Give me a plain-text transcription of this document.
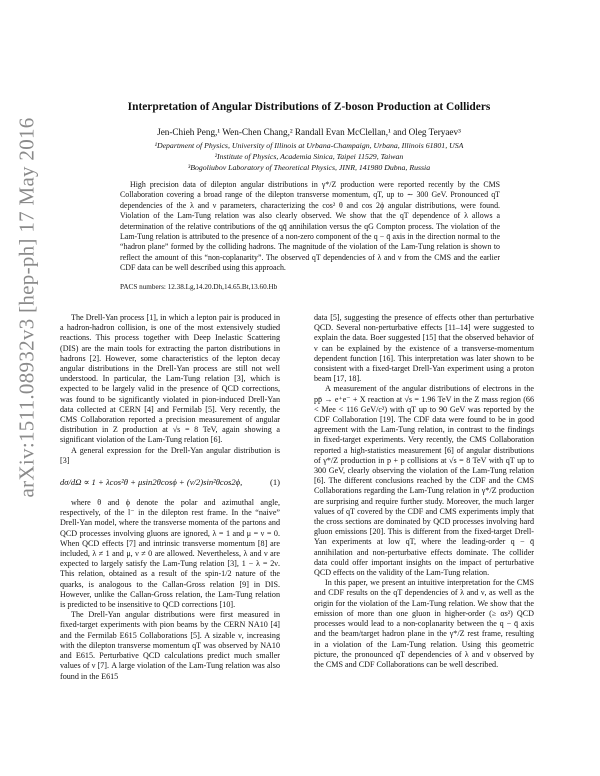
arXiv:1511.08932v3 [hep-ph] 17 May 2016
Interpretation of Angular Distributions of Z-boson Production at Colliders
Jen-Chieh Peng,¹ Wen-Chen Chang,² Randall Evan McClellan,¹ and Oleg Teryaev³
¹Department of Physics, University of Illinois at Urbana-Champaign, Urbana, Illinois 61801, USA
²Institute of Physics, Academia Sinica, Taipei 11529, Taiwan
³Bogoliubov Laboratory of Theoretical Physics, JINR, 141980 Dubna, Russia
High precision data of dilepton angular distributions in γ*/Z production were reported recently by the CMS Collaboration covering a broad range of the dilepton transverse momentum, qT, up to ∼ 300 GeV. Pronounced qT dependencies of the λ and ν parameters, characterizing the cos² θ and cos 2ϕ angular distributions, were found. Violation of the Lam-Tung relation was also clearly observed. We show that the qT dependence of λ allows a determination of the relative contributions of the qq̄ annihilation versus the qG Compton process. The violation of the Lam-Tung relation is attributed to the presence of a non-zero component of the q − q̄ axis in the direction normal to the “hadron plane” formed by the colliding hadrons. The magnitude of the violation of the Lam-Tung relation is shown to reflect the amount of this “non-coplanarity”. The observed qT dependencies of λ and ν from the CMS and the earlier CDF data can be well described using this approach.
PACS numbers: 12.38.Lg,14.20.Dh,14.65.Bt,13.60.Hb

The Drell-Yan process [1], in which a lepton pair is produced in a hadron-hadron collision, is one of the most extensively studied reactions. This process together with Deep Inelastic Scattering (DIS) are the main tools for extracting the parton distributions in hadrons [2]. However, some characteristics of the lepton decay angular distributions in the Drell-Yan process are still not well understood. In particular, the Lam-Tung relation [3], which is expected to be largely valid in the presence of QCD corrections, was found to be significantly violated in pion-induced Drell-Yan data collected at CERN [4] and Fermilab [5]. Very recently, the CMS Collaboration reported a precision measurement of angular distribution in Z production at √s = 8 TeV, again showing a significant violation of the Lam-Tung relation [6].

A general expression for the Drell-Yan angular distribution is [3]

dσ/dΩ ∝ 1 + λcos²θ + μsin2θcosϕ + (ν/2)sin²θcos2ϕ,	(1)

where θ and ϕ denote the polar and azimuthal angle, respectively, of the l⁻ in the dilepton rest frame. In the “naive” Drell-Yan model, where the transverse momenta of the partons and QCD processes involving gluons are ignored, λ = 1 and μ = ν = 0. When QCD effects [7] and intrinsic transverse momentum [8] are included, λ ≠ 1 and μ, ν ≠ 0 are allowed. Nevertheless, λ and ν are expected to largely satisfy the Lam-Tung relation [3], 1 − λ = 2ν. This relation, obtained as a result of the spin-1/2 nature of the quarks, is analogous to the Callan-Gross relation [9] in DIS. However, unlike the Callan-Gross relation, the Lam-Tung relation is predicted to be insensitive to QCD corrections [10].

The Drell-Yan angular distributions were first measured in fixed-target experiments with pion beams by the CERN NA10 [4] and the Fermilab E615 Collaborations [5]. A sizable ν, increasing with the dilepton transverse momentum qT was observed by NA10 and E615. Perturbative QCD calculations predict much smaller values of ν [7]. A large violation of the Lam-Tung relation was also found in the E615

data [5], suggesting the presence of effects other than perturbative QCD. Several non-perturbative effects [11–14] were suggested to explain the data. Boer suggested [15] that the observed behavior of ν can be explained by the existence of a transverse-momentum dependent function [16]. This interpretation was later shown to be consistent with a fixed-target Drell-Yan experiment using a proton beam [17, 18].

A measurement of the angular distributions of electrons in the pp̄ → e⁺e⁻ + X reaction at √s = 1.96 TeV in the Z mass region (66 < Mee < 116 GeV/c²) with qT up to 90 GeV was reported by the CDF Collaboration [19]. The CDF data were found to be in good agreement with the Lam-Tung relation, in contrast to the findings in fixed-target experiments. Very recently, the CMS Collaboration reported a high-statistics measurement [6] of angular distributions of γ*/Z production in p + p collisions at √s = 8 TeV with qT up to 300 GeV, clearly observing the violation of the Lam-Tung relation [6]. The different conclusions reached by the CDF and the CMS Collaborations regarding the Lam-Tung relation in γ*/Z production are surprising and require further study. Moreover, the much larger values of qT covered by the CDF and CMS experiments imply that the cross sections are dominated by QCD processes involving hard gluon emissions [20]. This is different from the fixed-target Drell-Yan experiments at low qT, where the leading-order q − q̄ annihilation and non-perturbative effects dominate. The collider data could offer important insights on the impact of perturbative QCD effects on the validity of the Lam-Tung relation.

In this paper, we present an intuitive interpretation for the CMS and CDF results on the qT dependencies of λ and ν, as well as the origin for the violation of the Lam-Tung relation. We show that the emission of more than one gluon in higher-order (≥ αs²) QCD processes would lead to a non-coplanarity between the q − q̄ axis and the beam/target hadron plane in the γ*/Z rest frame, resulting in a violation of the Lam-Tung relation. Using this geometric picture, the pronounced qT dependencies of λ and ν observed by the CMS and CDF Collaborations can be well described.
